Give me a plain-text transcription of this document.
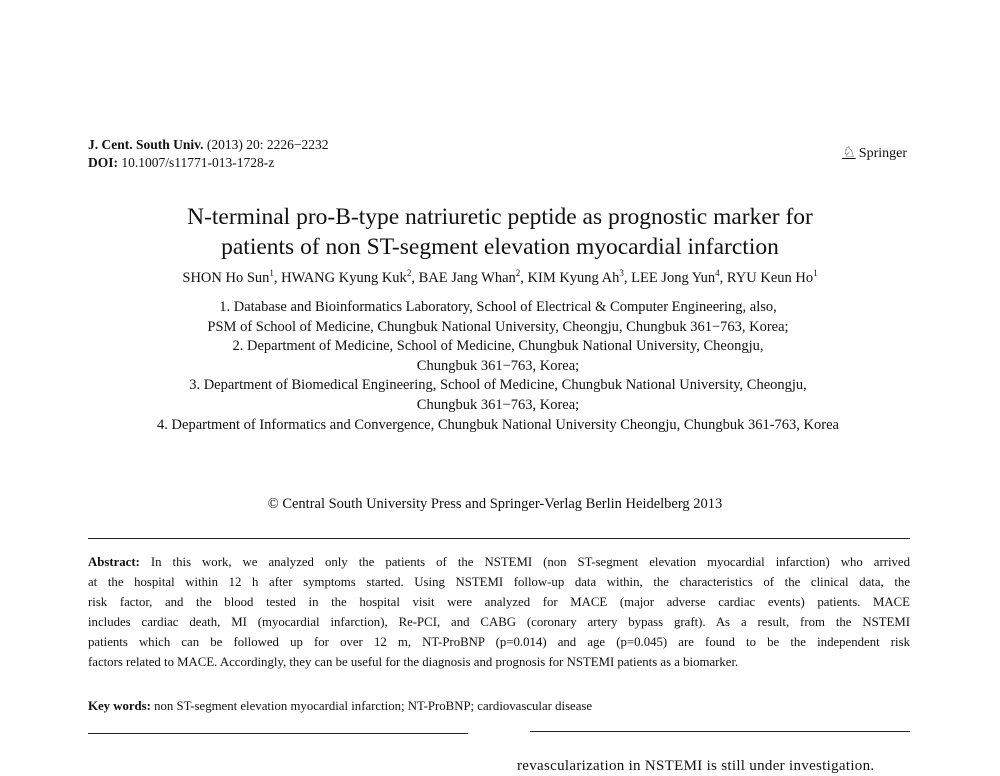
J. Cent. South Univ. (2013) 20: 2226−2232
DOI: 10.1007/s11771-013-1728-z
♘ Springer
N-terminal pro-B-type natriuretic peptide as prognostic marker for
patients of non ST-segment elevation myocardial infarction
SHON Ho Sun$^1$, HWANG Kyung Kuk$^2$, BAE Jang Whan$^2$, KIM Kyung Ah$^3$, LEE Jong Yun$^4$, RYU Keun Ho$^1$
1. Database and Bioinformatics Laboratory, School of Electrical & Computer Engineering, also,
PSM of School of Medicine, Chungbuk National University, Cheongju, Chungbuk 361−763, Korea;
2. Department of Medicine, School of Medicine, Chungbuk National University, Cheongju,
Chungbuk 361−763, Korea;
3. Department of Biomedical Engineering, School of Medicine, Chungbuk National University, Cheongju,
Chungbuk 361−763, Korea;
4. Department of Informatics and Convergence, Chungbuk National University Cheongju, Chungbuk 361-763, Korea
© Central South University Press and Springer-Verlag Berlin Heidelberg 2013
Abstract: In this work, we analyzed only the patients of the NSTEMI (non ST-segment elevation myocardial infarction) who arrived
at the hospital within 12 h after symptoms started. Using NSTEMI follow-up data within, the characteristics of the clinical data, the
risk factor, and the blood tested in the hospital visit were analyzed for MACE (major adverse cardiac events) patients. MACE
includes cardiac death, MI (myocardial infarction), Re-PCI, and CABG (coronary artery bypass graft). As a result, from the NSTEMI
patients which can be followed up for over 12 m, NT-ProBNP (p=0.014) and age (p=0.045) are found to be the independent risk
factors related to MACE. Accordingly, they can be useful for the diagnosis and prognosis for NSTEMI patients as a biomarker.
Key words: non ST-segment elevation myocardial infarction; NT-ProBNP; cardiovascular disease
revascularization in NSTEMI is still under investigation.
